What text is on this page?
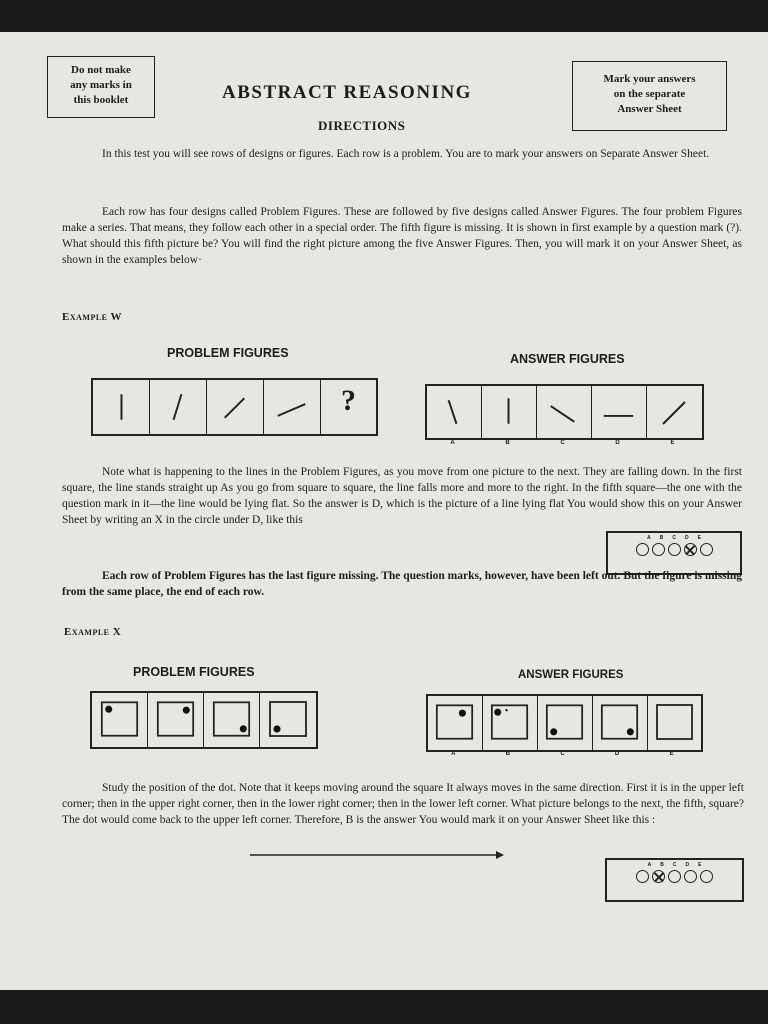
Do not make
any marks in
this booklet	ABSTRACT REASONING
DIRECTIONS
Mark your answers
on the separate
Answer Sheet
In this test you will see rows of designs or figures. Each row is a problem. You are to mark your answers on Separate Answer Sheet.
Each row has four designs called Problem Figures. These are followed by five designs called Answer Figures. The four problem Figures make a series. That means, they follow each other in a special order. The fifth figure is missing. It is shown in first example by a question mark (?). What should this fifth picture be? You will find the right picture among the five Answer Figures. Then, you will mark it on your Answer Sheet, as shown in the examples below·
Example W
PROBLEM FIGURES	ANSWER FIGURES
?
A	B	C	D	E
Note what is happening to the lines in the Problem Figures, as you move from one picture to the next. They are falling down. In the first square, the line stands straight up As you go from square to square, the line falls more and more to the right. In the fifth square—the one with the question mark in it—the line would be lying flat. So the answer is D, which is the picture of a line lying flat You would show this on your Answer Sheet by writing an X in the circle under D, like this
A B C D E
Each row of Problem Figures has the last figure missing. The question marks, however, have been left out. But the figure is missing from the same place, the end of each row.
Example X
PROBLEM FIGURES	ANSWER FIGURES
A	B	C	D	E
Study the position of the dot. Note that it keeps moving around the square It always moves in the same direction. First it is in the upper left corner; then in the upper right corner, then in the lower right corner; then in the lower left corner. What picture belongs to the next, the fifth, square? The dot would come back to the upper left corner. Therefore, B is the answer You would mark it on your Answer Sheet like this :
A B C D E
